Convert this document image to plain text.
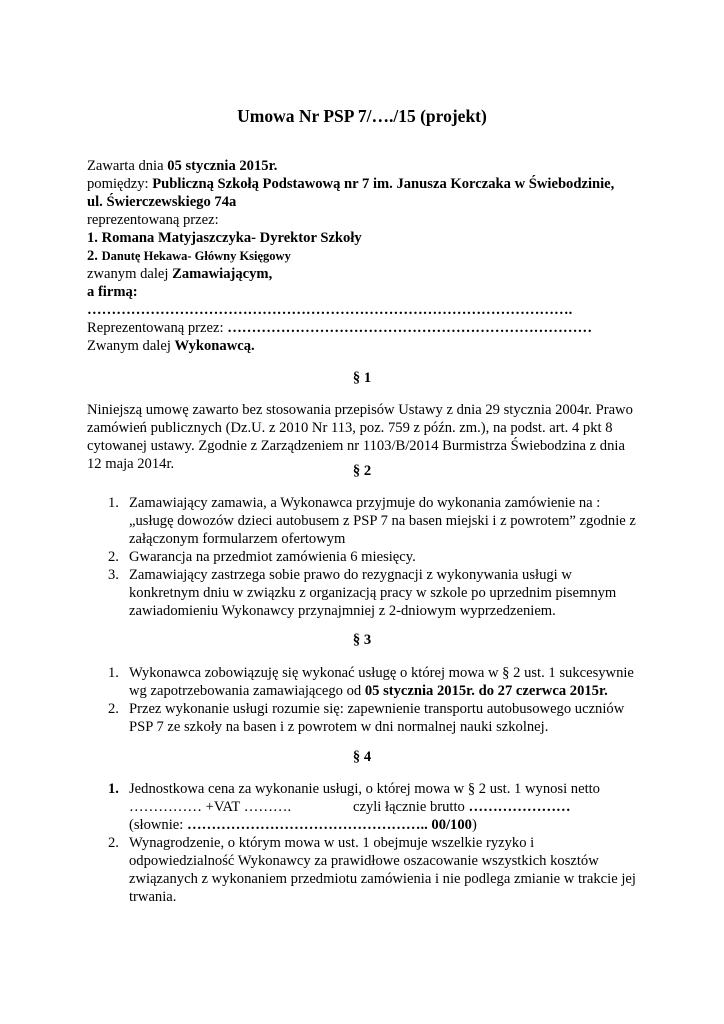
Umowa Nr PSP 7/…./15 (projekt)
Zawarta dnia 05 stycznia 2015r.
pomiędzy: Publiczną Szkołą Podstawową nr 7 im. Janusza Korczaka w Świebodzinie,
ul. Świerczewskiego 74a
reprezentowaną przez:
1. Romana Matyjaszczyka- Dyrektor Szkoły
2. Danutę Hekawa- Główny Księgowy
zwanym dalej Zamawiającym,
a firmą:
……………………………………………………………………………………….
Reprezentowaną przez: …………………………………………………………………
Zwanym dalej Wykonawcą.
§ 1
Niniejszą umowę zawarto bez stosowania przepisów Ustawy z dnia 29 stycznia 2004r. Prawo
zamówień publicznych (Dz.U. z 2010 Nr 113, poz. 759 z późn. zm.), na podst. art. 4 pkt 8
cytowanej ustawy. Zgodnie z Zarządzeniem nr 1103/B/2014 Burmistrza Świebodzina z dnia
12 maja 2014r.	§ 2
1. Zamawiający zamawia, a Wykonawca przyjmuje do wykonania zamówienie na :
„usługę dowozów dzieci autobusem z PSP 7 na basen miejski i z powrotem” zgodnie z
załączonym formularzem ofertowym
2. Gwarancja na przedmiot zamówienia 6 miesięcy.
3. Zamawiający zastrzega sobie prawo do rezygnacji z wykonywania usługi w
konkretnym dniu w związku z organizacją pracy w szkole po uprzednim pisemnym
zawiadomieniu Wykonawcy przynajmniej z 2-dniowym wyprzedzeniem.
§ 3
1. Wykonawca zobowiązuję się wykonać usługę o której mowa w § 2 ust. 1 sukcesywnie
wg zapotrzebowania zamawiającego od 05 stycznia 2015r. do 27 czerwca 2015r.
2. Przez wykonanie usługi rozumie się: zapewnienie transportu autobusowego uczniów
PSP 7 ze szkoły na basen i z powrotem w dni normalnej nauki szkolnej.
§ 4
1. Jednostkowa cena za wykonanie usługi, o której mowa w § 2 ust. 1 wynosi netto
…………… +VAT ……….	czyli łącznie brutto …………………
(słownie: ………………………………………….. 00/100)
2. Wynagrodzenie, o którym mowa w ust. 1 obejmuje wszelkie ryzyko i
odpowiedzialność Wykonawcy za prawidłowe oszacowanie wszystkich kosztów
związanych z wykonaniem przedmiotu zamówienia i nie podlega zmianie w trakcie jej
trwania.
